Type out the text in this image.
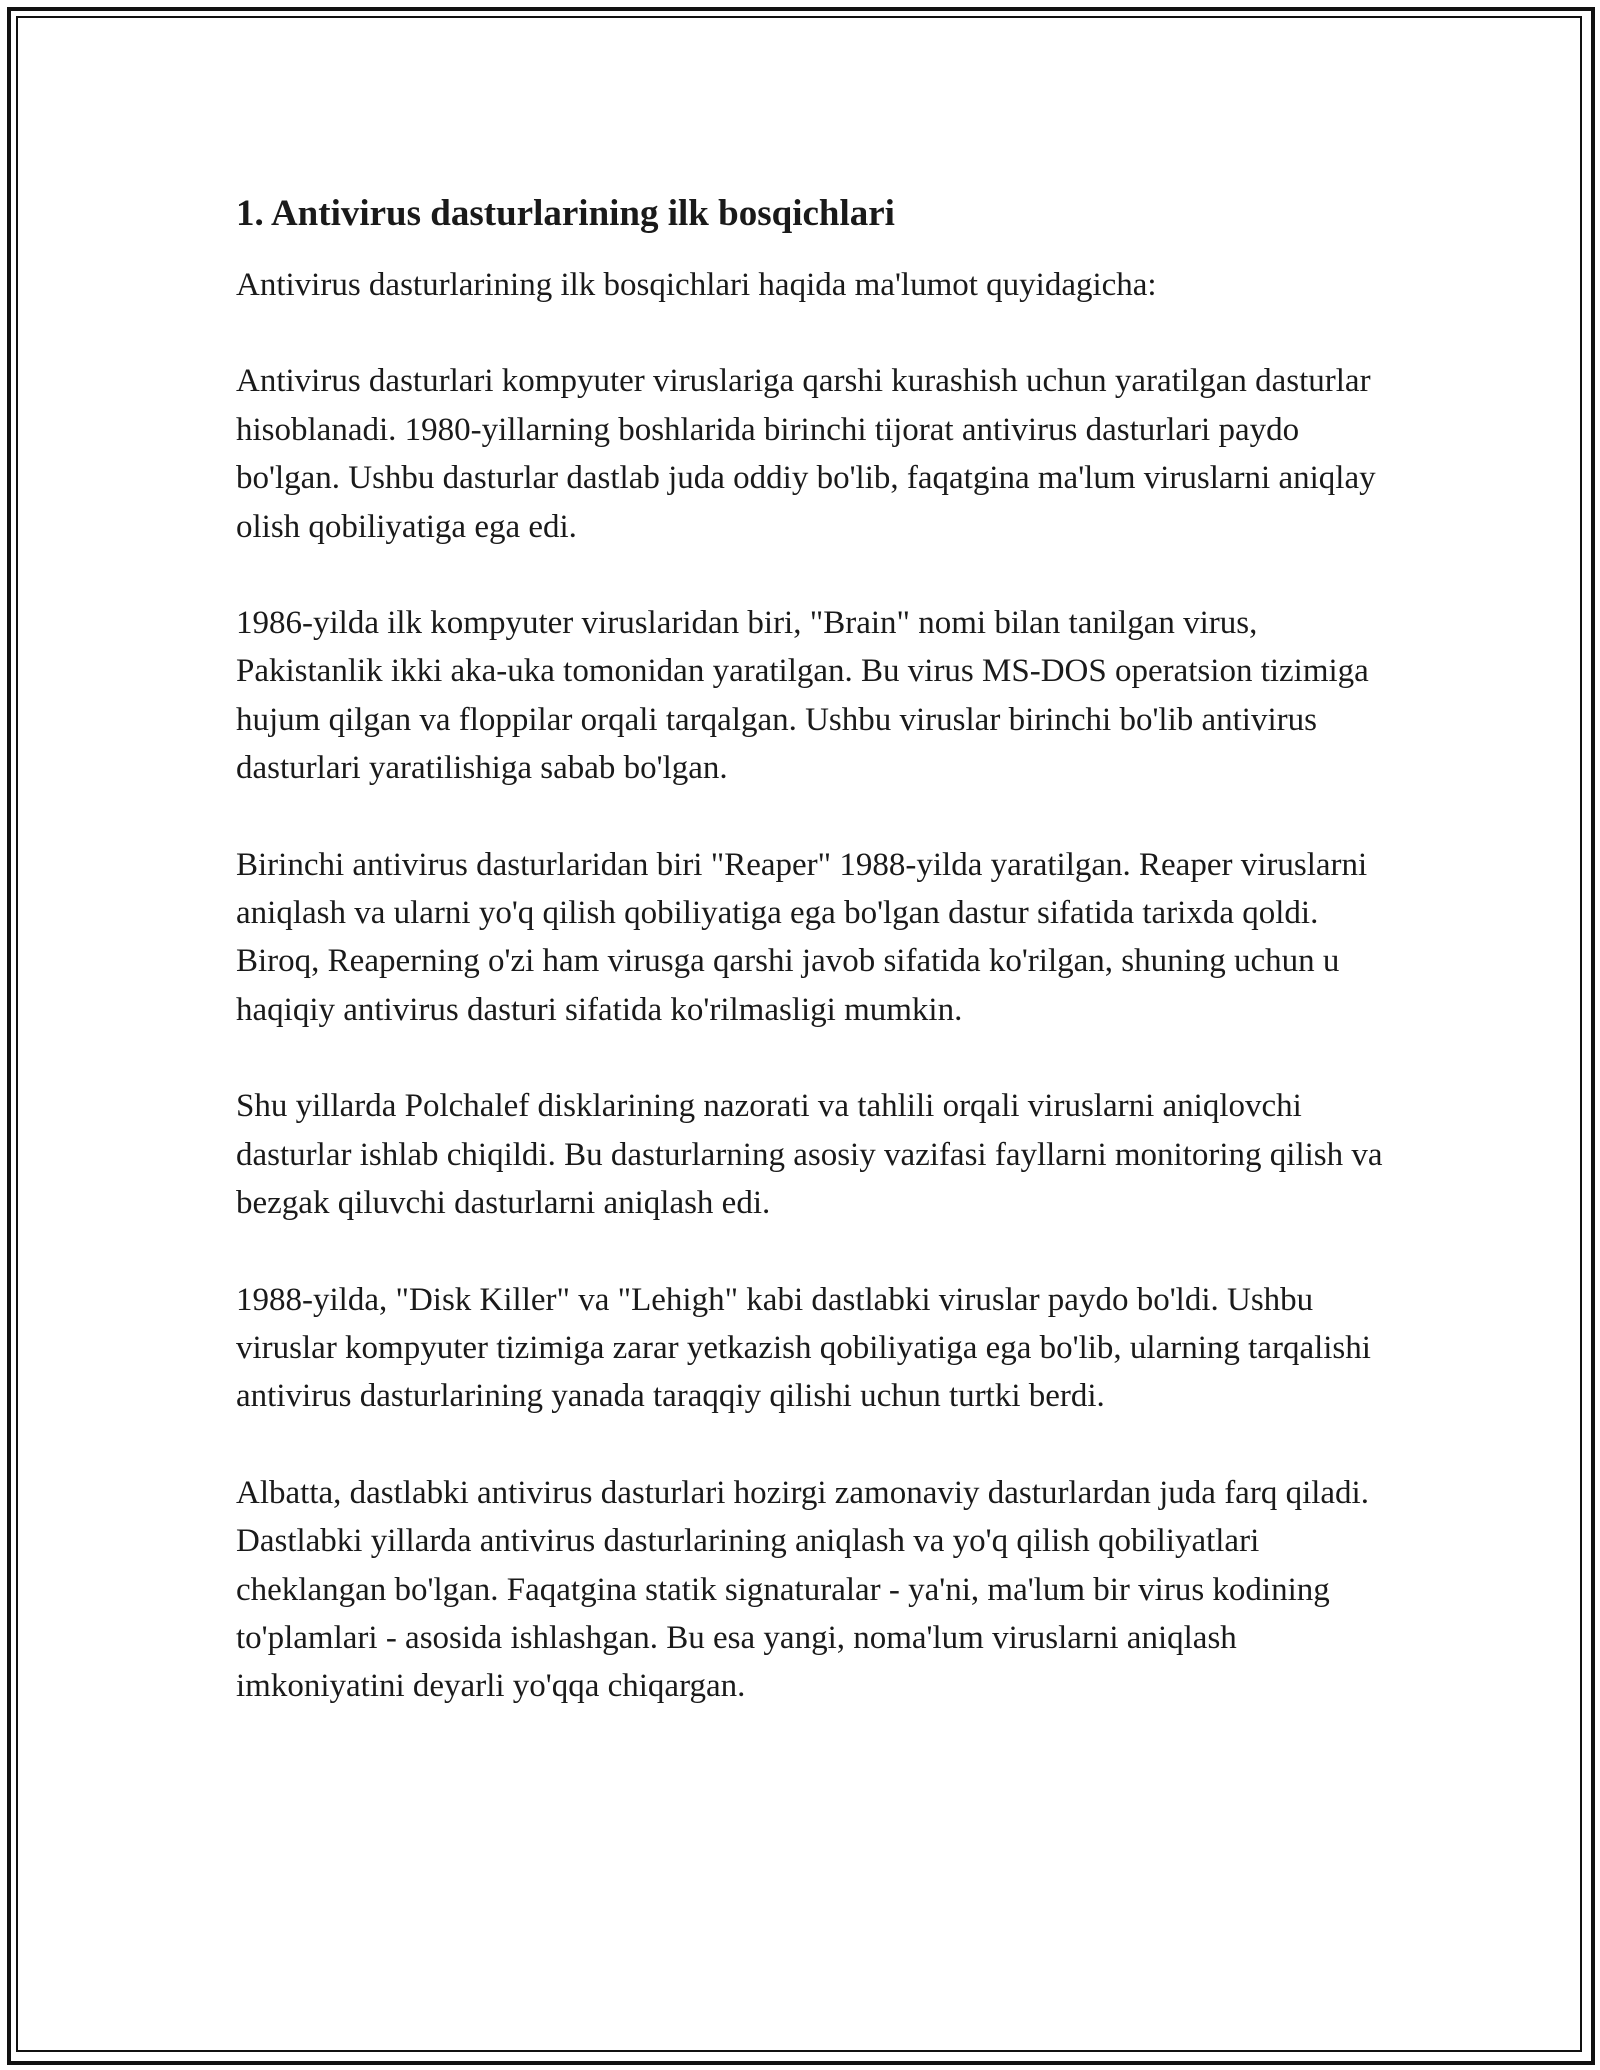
1. Antivirus dasturlarining ilk bosqichlari

Antivirus dasturlarining ilk bosqichlari haqida ma'lumot quyidagicha:

Antivirus dasturlari kompyuter viruslariga qarshi kurashish uchun yaratilgan dasturlar hisoblanadi. 1980-yillarning boshlarida birinchi tijorat antivirus dasturlari paydo bo'lgan. Ushbu dasturlar dastlab juda oddiy bo'lib, faqatgina ma'lum viruslarni aniqlay olish qobiliyatiga ega edi.

1986-yilda ilk kompyuter viruslaridan biri, "Brain" nomi bilan tanilgan virus, Pakistanlik ikki aka-uka tomonidan yaratilgan. Bu virus MS-DOS operatsion tizimiga hujum qilgan va floppilar orqali tarqalgan. Ushbu viruslar birinchi bo'lib antivirus dasturlari yaratilishiga sabab bo'lgan.

Birinchi antivirus dasturlaridan biri "Reaper" 1988-yilda yaratilgan. Reaper viruslarni aniqlash va ularni yo'q qilish qobiliyatiga ega bo'lgan dastur sifatida tarixda qoldi. Biroq, Reaperning o'zi ham virusga qarshi javob sifatida ko'rilgan, shuning uchun u haqiqiy antivirus dasturi sifatida ko'rilmasligi mumkin.

Shu yillarda Polchalef disklarining nazorati va tahlili orqali viruslarni aniqlovchi dasturlar ishlab chiqildi. Bu dasturlarning asosiy vazifasi fayllarni monitoring qilish va bezgak qiluvchi dasturlarni aniqlash edi.

1988-yilda, "Disk Killer" va "Lehigh" kabi dastlabki viruslar paydo bo'ldi. Ushbu viruslar kompyuter tizimiga zarar yetkazish qobiliyatiga ega bo'lib, ularning tarqalishi antivirus dasturlarining yanada taraqqiy qilishi uchun turtki berdi.

Albatta, dastlabki antivirus dasturlari hozirgi zamonaviy dasturlardan juda farq qiladi. Dastlabki yillarda antivirus dasturlarining aniqlash va yo'q qilish qobiliyatlari cheklangan bo'lgan. Faqatgina statik signaturalar - ya'ni, ma'lum bir virus kodining to'plamlari - asosida ishlashgan. Bu esa yangi, noma'lum viruslarni aniqlash imkoniyatini deyarli yo'qqa chiqargan.
